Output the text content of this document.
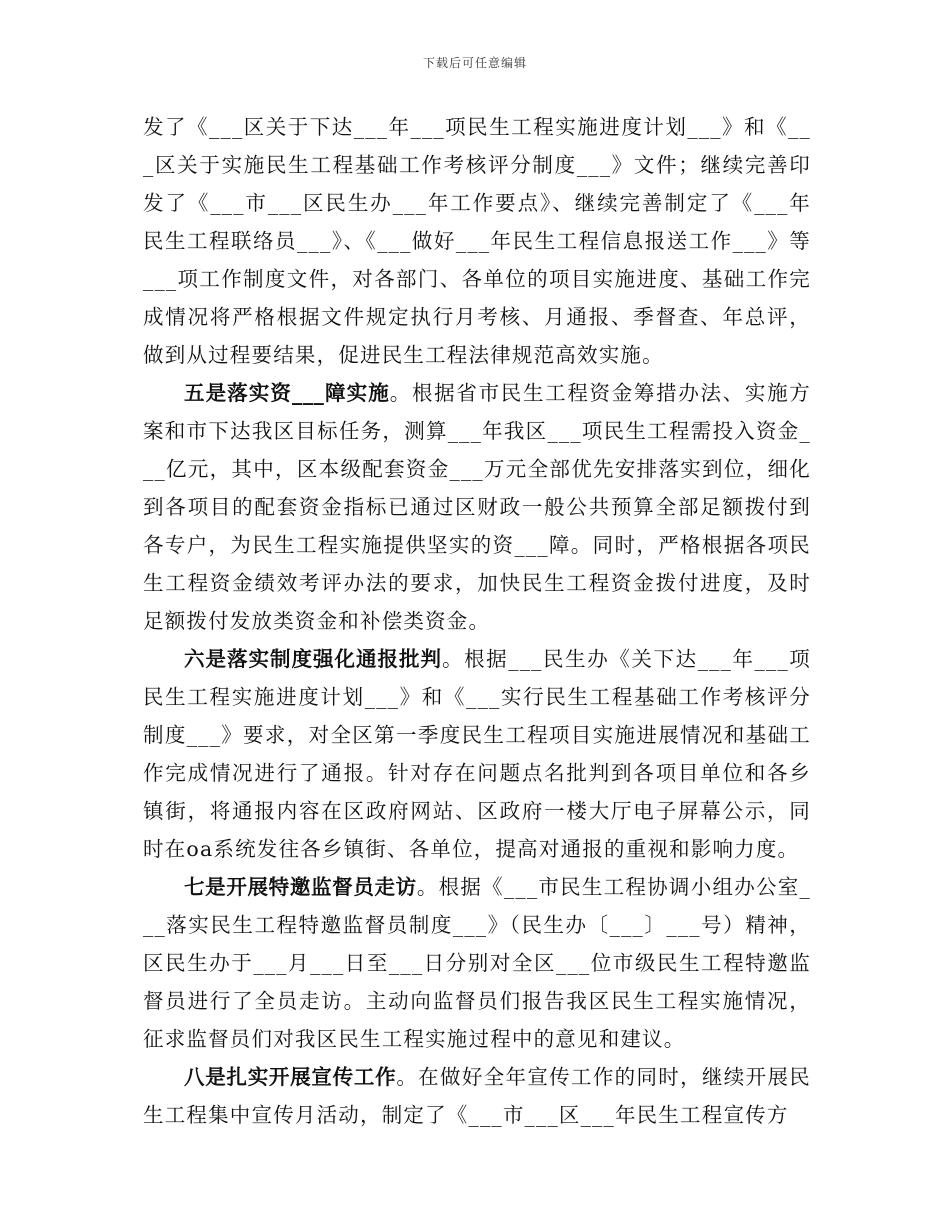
下载后可任意编辑

发了《___区关于下达___年___项民生工程实施进度计划___》和《___区关于实施民生工程基础工作考核评分制度___》文件；继续完善印发了《___市___区民生办___年工作要点》、继续完善制定了《___年民生工程联络员___》、《___做好___年民生工程信息报送工作___》等___项工作制度文件，对各部门、各单位的项目实施进度、基础工作完成情况将严格根据文件规定执行月考核、月通报、季督查、年总评，做到从过程要结果，促进民生工程法律规范高效实施。

五是落实资___障实施。根据省市民生工程资金筹措办法、实施方案和市下达我区目标任务，测算___年我区___项民生工程需投入资金___亿元，其中，区本级配套资金___万元全部优先安排落实到位，细化到各项目的配套资金指标已通过区财政一般公共预算全部足额拨付到各专户，为民生工程实施提供坚实的资___障。同时，严格根据各项民生工程资金绩效考评办法的要求，加快民生工程资金拨付进度，及时足额拨付发放类资金和补偿类资金。

六是落实制度强化通报批判。根据___民生办《关下达___年___项民生工程实施进度计划___》和《___实行民生工程基础工作考核评分制度___》要求，对全区第一季度民生工程项目实施进展情况和基础工作完成情况进行了通报。针对存在问题点名批判到各项目单位和各乡镇街，将通报内容在区政府网站、区政府一楼大厅电子屏幕公示，同时在oa系统发往各乡镇街、各单位，提高对通报的重视和影响力度。

七是开展特邀监督员走访。根据《___市民生工程协调小组办公室___落实民生工程特邀监督员制度___》（民生办〔___〕___号）精神，区民生办于___月___日至___日分别对全区___位市级民生工程特邀监督员进行了全员走访。主动向监督员们报告我区民生工程实施情况，征求监督员们对我区民生工程实施过程中的意见和建议。

八是扎实开展宣传工作。在做好全年宣传工作的同时，继续开展民生工程集中宣传月活动，制定了《___市___区___年民生工程宣传方
